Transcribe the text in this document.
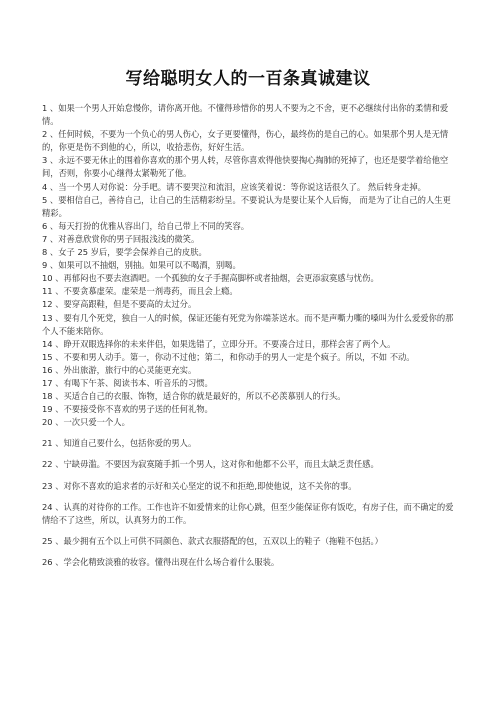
写给聪明女人的一百条真诚建议

1 、如果一个男人开始怠慢你，请你离开他。不懂得珍惜你的男人不要为之不舍，更不必继续付出你的柔情和爱情。

2 、任何时候，不要为一个负心的男人伤心，女子更要懂得，伤心，最终伤的是自己的心。如果那个男人是无情的，你更是伤不到他的心，所以，收拾悲伤，好好生活。

3 、永远不要无休止的围着你喜欢的那个男人转，尽管你喜欢得他快要掏心掏肺的死掉了，也还是要学着给他空间，否则，你要小心继得太紧勒死了他。

4 、当一个男人对你说：分手吧。请不要哭泣和流泪，应该笑着说：等你说这话很久了。 然后转身走掉。

5 、要相信自己，善待自己，让自己的生活精彩纷呈。不要说认为是要让某个人后悔， 而是为了让自己的人生更精彩。

6 、每天打扮的优雅从容出门，给自己带上不同的笑容。

7 、对善意欣赏你的男子回报浅浅的微笑。

8 、女子 25 岁后，要学会保养自己的皮肤。

9 、如果可以不抽烟，别抽。如果可以不喝酒，别喝。

10 、再郁闷也不要去泡酒吧。一个孤独的女子手握高脚杯或者抽烟，会更添寂寞感与忧伤。

11 、不要贪慕虚荣。虚荣是一剂毒药，而且会上瘾。

12 、要穿高跟鞋，但是不要高的太过分。

13 、要有几个死党，独自一人的时候，保证还能有死党为你端茶送水。而不是声嘶力嘶的嗓叫为什么爱爱你的那个人不能来陪你。

14 、睁开双眼选择你的未来伴侣，如果选错了，立即分开。不要凑合过日，那样会害了两个人。

15 、不要和男人动手。第一，你动不过他；第二，和你动手的男人一定是个疯子。所以，不如 不动。

16 、外出旅游，旅行中的心灵能更充实。

17 、有喝下午茶、阅读书本、听音乐的习惯。

18 、买适合自己的衣服、饰物，适合你的就是最好的，所以不必羡慕别人的行头。

19 、不要接受你不喜欢的男子送的任何礼物。

20 、一次只爱一个人。

21 、知道自己要什么，包括你爱的男人。

22 、宁缺毋滥。不要因为寂寞随手抓一个男人，这对你和他都不公平，而且太缺乏责任感。

23 、对你不喜欢的追求者的示好和关心坚定的说不和拒绝,即使他说，这不关你的事。

24 、认真的对待你的工作。工作也许不如爱情来的让你心跳，但至少能保证你有饭吃，有房子住，而不确定的爱情给不了这些，所以，认真努力的工作。

25 、最少拥有五个以上可供不同颜色、款式衣服搭配的包，五双以上的鞋子（拖鞋不包括。）

26 、学会化精致淡雅的妆容。懂得出现在什么场合着什么服装。
